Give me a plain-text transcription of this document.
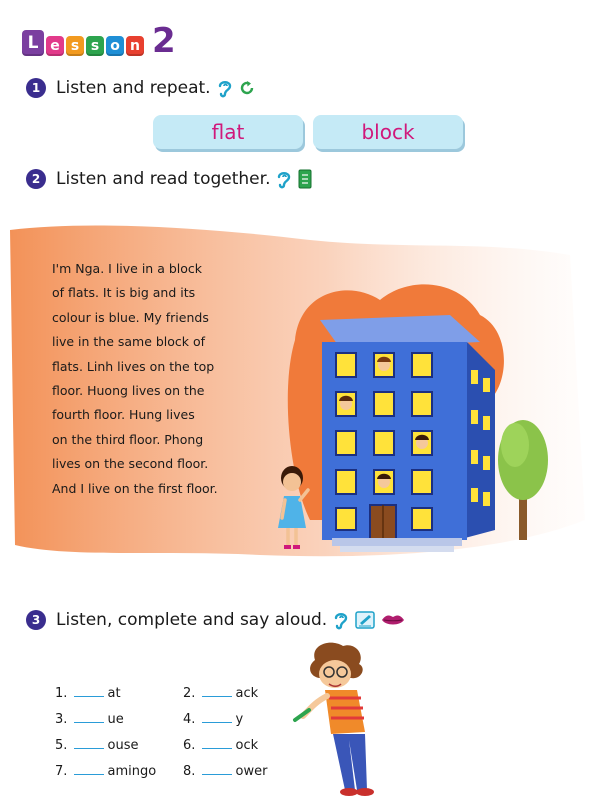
L e s s o n 2
1 Listen and repeat.
flat	block
2 Listen and read together.
I'm Nga. I live in a block
of flats. It is big and its
colour is blue. My friends
live in the same block of
flats. Linh lives on the top
floor. Huong lives on the
fourth floor. Hung lives
on the third floor. Phong
lives on the second floor.
And I live on the first floor.
3 Listen, complete and say aloud.
1.	at	2.	ack
3.	ue	4.	y
5.	ouse	6.	ock
7.	amingo 8.	ower
